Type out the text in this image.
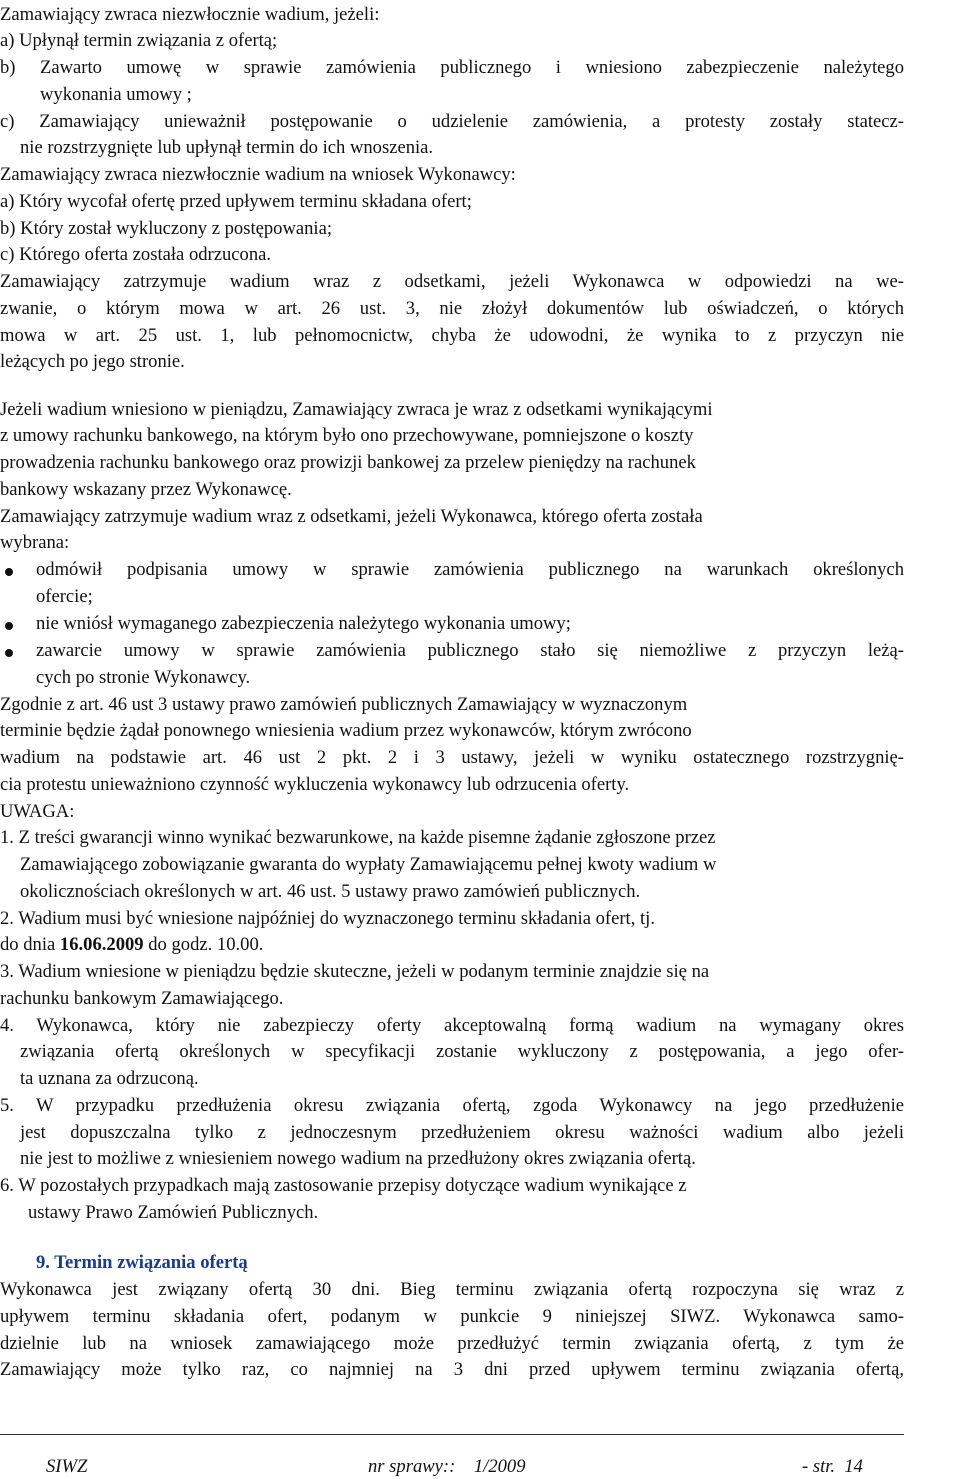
Zamawiający zwraca niezwłocznie wadium, jeżeli:
a) Upłynął termin związania z ofertą;
b) Zawarto umowę w sprawie zamówienia publicznego i wniesiono zabezpieczenie należytego
wykonania umowy ;
c) Zamawiający unieważnił postępowanie o udzielenie zamówienia, a protesty zostały statecz-
nie rozstrzygnięte lub upłynął termin do ich wnoszenia.
Zamawiający zwraca niezwłocznie wadium na wniosek Wykonawcy:
a) Który wycofał ofertę przed upływem terminu składana ofert;
b) Który został wykluczony z postępowania;
c) Którego oferta została odrzucona.
Zamawiający zatrzymuje wadium wraz z odsetkami, jeżeli Wykonawca w odpowiedzi na we-
zwanie, o którym mowa w art. 26 ust. 3, nie złożył dokumentów lub oświadczeń, o których
mowa w art. 25 ust. 1, lub pełnomocnictw, chyba że udowodni, że wynika to z przyczyn nie
leżących po jego stronie.
Jeżeli wadium wniesiono w pieniądzu, Zamawiający zwraca je wraz z odsetkami wynikającymi
z umowy rachunku bankowego, na którym było ono przechowywane, pomniejszone o koszty
prowadzenia rachunku bankowego oraz prowizji bankowej za przelew pieniędzy na rachunek
bankowy wskazany przez Wykonawcę.
Zamawiający zatrzymuje wadium wraz z odsetkami, jeżeli Wykonawca, którego oferta została
wybrana:
odmówił podpisania umowy w sprawie zamówienia publicznego na warunkach określonych
ofercie;
nie wniósł wymaganego zabezpieczenia należytego wykonania umowy;
zawarcie umowy w sprawie zamówienia publicznego stało się niemożliwe z przyczyn leżą-
cych po stronie Wykonawcy.
Zgodnie z art. 46 ust 3 ustawy prawo zamówień publicznych Zamawiający w wyznaczonym
terminie będzie żądał ponownego wniesienia wadium przez wykonawców, którym zwrócono
wadium na podstawie art. 46 ust 2 pkt. 2 i 3 ustawy, jeżeli w wyniku ostatecznego rozstrzygnię-
cia protestu unieważniono czynność wykluczenia wykonawcy lub odrzucenia oferty.
UWAGA:
1. Z treści gwarancji winno wynikać bezwarunkowe, na każde pisemne żądanie zgłoszone przez
Zamawiającego zobowiązanie gwaranta do wypłaty Zamawiającemu pełnej kwoty wadium w
okolicznościach określonych w art. 46 ust. 5 ustawy prawo zamówień publicznych.
2. Wadium musi być wniesione najpóźniej do wyznaczonego terminu składania ofert, tj.
do dnia 16.06.2009 do godz. 10.00.
3. Wadium wniesione w pieniądzu będzie skuteczne, jeżeli w podanym terminie znajdzie się na
rachunku bankowym Zamawiającego.
4. Wykonawca, który nie zabezpieczy oferty akceptowalną formą wadium na wymagany okres
związania ofertą określonych w specyfikacji zostanie wykluczony z postępowania, a jego ofer-
ta uznana za odrzuconą.
5. W przypadku przedłużenia okresu związania ofertą, zgoda Wykonawcy na jego przedłużenie
jest dopuszczalna tylko z jednoczesnym przedłużeniem okresu ważności wadium albo jeżeli
nie jest to możliwe z wniesieniem nowego wadium na przedłużony okres związania ofertą.
6. W pozostałych przypadkach mają zastosowanie przepisy dotyczące wadium wynikające z
ustawy Prawo Zamówień Publicznych.
9. Termin związania ofertą
Wykonawca jest związany ofertą 30 dni. Bieg terminu związania ofertą rozpoczyna się wraz z
upływem terminu składania ofert, podanym w punkcie 9 niniejszej SIWZ. Wykonawca samo-
dzielnie lub na wniosek zamawiającego może przedłużyć termin związania ofertą, z tym że
Zamawiający może tylko raz, co najmniej na 3 dni przed upływem terminu związania ofertą,
SIWZ	nr sprawy::    1/2009	- str.  14
